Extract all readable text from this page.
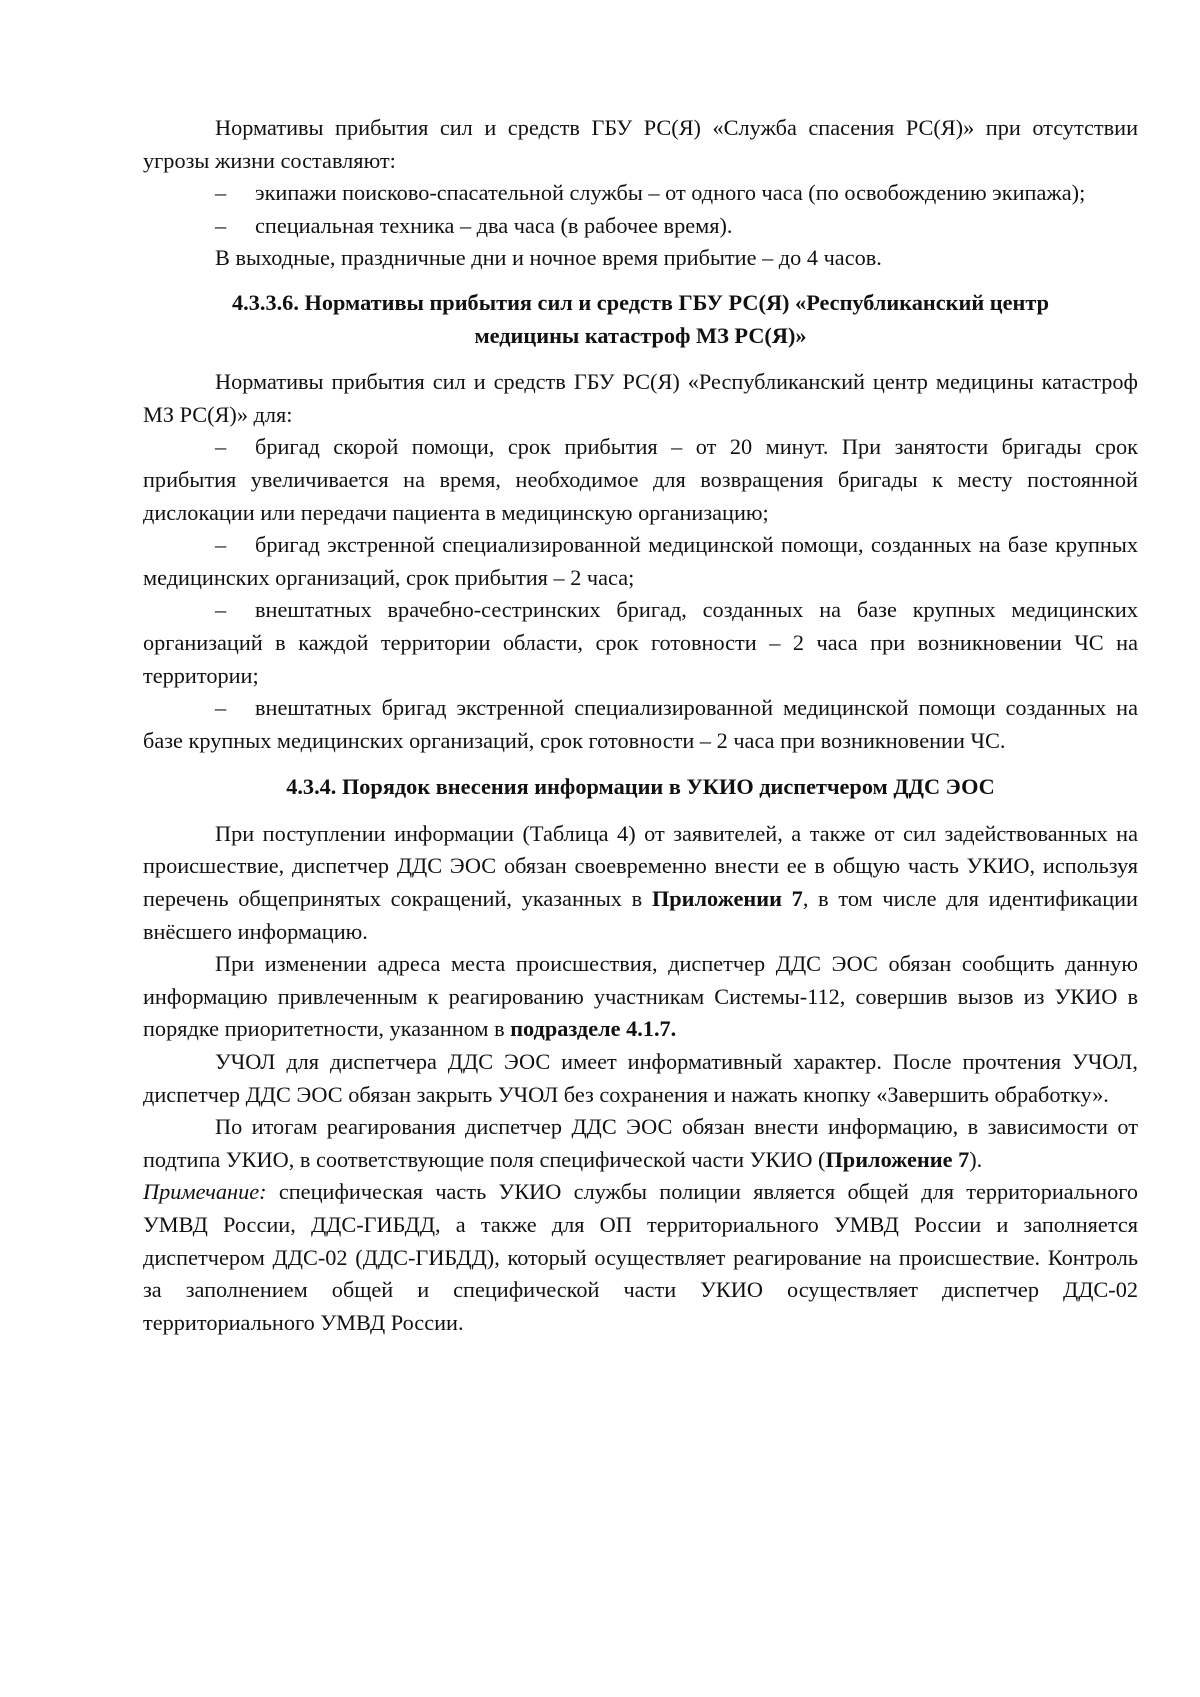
Нормативы прибытия сил и средств ГБУ РС(Я) «Служба спасения РС(Я)» при отсутствии угрозы жизни составляют:

– экипажи поисково-спасательной службы – от одного часа (по освобождению экипажа);

– специальная техника – два часа (в рабочее время).

В выходные, праздничные дни и ночное время прибытие – до 4 часов.

4.3.3.6. Нормативы прибытия сил и средств ГБУ РС(Я) «Республиканский центр медицины катастроф МЗ РС(Я)»

Нормативы прибытия сил и средств ГБУ РС(Я) «Республиканский центр медицины катастроф МЗ РС(Я)» для:

– бригад скорой помощи, срок прибытия – от 20 минут. При занятости бригады срок прибытия увеличивается на время, необходимое для возвращения бригады к месту постоянной дислокации или передачи пациента в медицинскую организацию;

– бригад экстренной специализированной медицинской помощи, созданных на базе крупных медицинских организаций, срок прибытия – 2 часа;

– внештатных врачебно-сестринских бригад, созданных на базе крупных медицинских организаций в каждой территории области, срок готовности – 2 часа при возникновении ЧС на территории;

– внештатных бригад экстренной специализированной медицинской помощи созданных на базе крупных медицинских организаций, срок готовности – 2 часа при возникновении ЧС.

4.3.4. Порядок внесения информации в УКИО диспетчером ДДС ЭОС

При поступлении информации (Таблица 4) от заявителей, а также от сил задействованных на происшествие, диспетчер ДДС ЭОС обязан своевременно внести ее в общую часть УКИО, используя перечень общепринятых сокращений, указанных в Приложении 7, в том числе для идентификации внёсшего информацию.

При изменении адреса места происшествия, диспетчер ДДС ЭОС обязан сообщить данную информацию привлеченным к реагированию участникам Системы-112, совершив вызов из УКИО в порядке приоритетности, указанном в подразделе 4.1.7.

УЧОЛ для диспетчера ДДС ЭОС имеет информативный характер. После прочтения УЧОЛ, диспетчер ДДС ЭОС обязан закрыть УЧОЛ без сохранения и нажать кнопку «Завершить обработку».

По итогам реагирования диспетчер ДДС ЭОС обязан внести информацию, в зависимости от подтипа УКИО, в соответствующие поля специфической части УКИО (Приложение 7).

Примечание: специфическая часть УКИО службы полиции является общей для территориального УМВД России, ДДС-ГИБДД, а также для ОП территориального УМВД России и заполняется диспетчером ДДС-02 (ДДС-ГИБДД), который осуществляет реагирование на происшествие. Контроль за заполнением общей и специфической части УКИО осуществляет диспетчер ДДС-02 территориального УМВД России.
